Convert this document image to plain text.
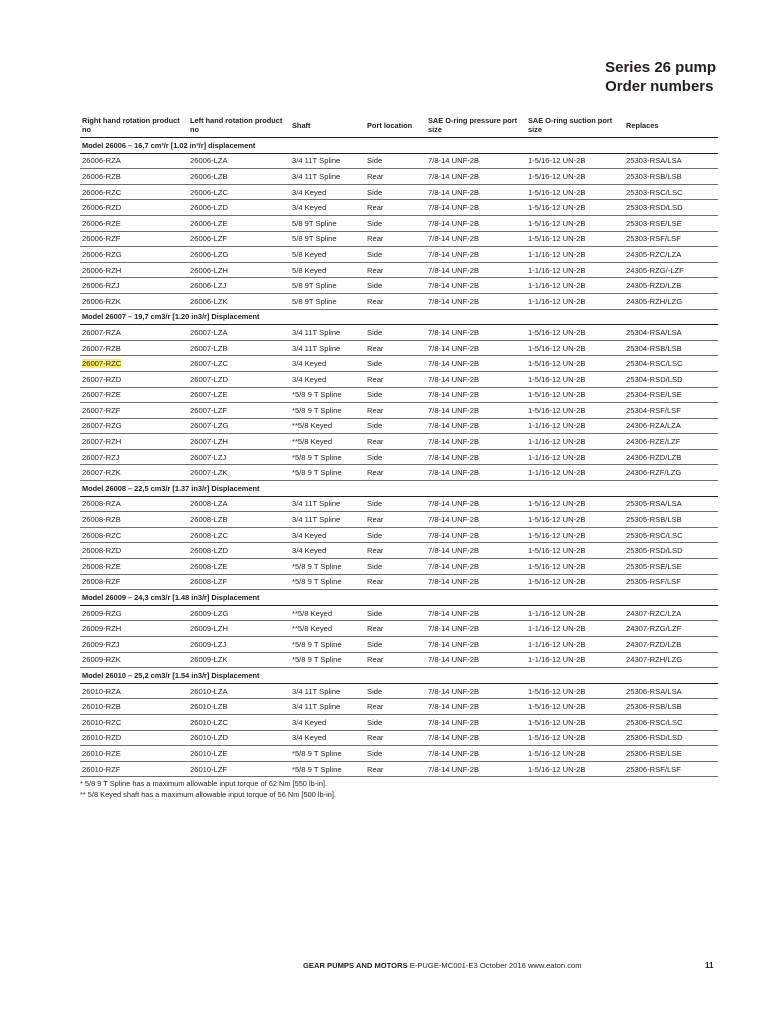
Series 26 pump
Order numbers
Right hand rotation product no	Left hand rotation product no	Shaft	Port location	SAE O-ring pressure port size	SAE O-ring suction port size	Replaces
Model 26006 – 16,7 cm³/r [1.02 in³/r] displacement						
26006-RZA	26006-LZA	3/4 11T Spline	Side	7/8-14 UNF-2B	1-5/16-12 UN-2B	25303-RSA/LSA
26006-RZB	26006-LZB	3/4 11T Spline	Rear	7/8-14 UNF-2B	1-5/16-12 UN-2B	25303-RSB/LSB
26006-RZC	26006-LZC	3/4 Keyed	Side	7/8-14 UNF-2B	1-5/16-12 UN-2B	25303-RSC/LSC
26006-RZD	26006-LZD	3/4 Keyed	Rear	7/8-14 UNF-2B	1-5/16-12 UN-2B	25303-RSD/LSD
26006-RZE	26006-LZE	5/8 9T Spline	Side	7/8-14 UNF-2B	1-5/16-12 UN-2B	25303-RSE/LSE
26006-RZF	26006-LZF	5/8 9T Spline	Rear	7/8-14 UNF-2B	1-5/16-12 UN-2B	25303-RSF/LSF
26006-RZG	26006-LZG	5/8 Keyed	Side	7/8-14 UNF-2B	1-1/16-12 UN-2B	24305-RZC/LZA
26006-RZH	26006-LZH	5/8 Keyed	Rear	7/8-14 UNF-2B	1-1/16-12 UN-2B	24305-RZG/-LZF
26006-RZJ	26006-LZJ	5/8 9T Spline	Side	7/8-14 UNF-2B	1-1/16-12 UN-2B	24305-RZD/LZB
26006-RZK	26006-LZK	5/8 9T Spline	Rear	7/8-14 UNF-2B	1-1/16-12 UN-2B	24305-RZH/LZG
Model 26007 – 19,7 cm3/r [1.20 in3/r] Displacement						
26007-RZA	26007-LZA	3/4 11T Spline	Side	7/8-14 UNF-2B	1-5/16-12 UN-2B	25304-RSA/LSA
26007-RZB	26007-LZB	3/4 11T Spline	Rear	7/8-14 UNF-2B	1-5/16-12 UN-2B	25304-RSB/LSB
26007-RZC	26007-LZC	3/4 Keyed	Side	7/8-14 UNF-2B	1-5/16-12 UN-2B	25304-RSC/LSC
26007-RZD	26007-LZD	3/4 Keyed	Rear	7/8-14 UNF-2B	1-5/16-12 UN-2B	25304-RSD/LSD
26007-RZE	26007-LZE	*5/8 9 T Spline	Side	7/8-14 UNF-2B	1-5/16-12 UN-2B	25304-RSE/LSE
26007-RZF	26007-LZF	*5/8 9 T Spline	Rear	7/8-14 UNF-2B	1-5/16-12 UN-2B	25304-RSF/LSF
26007-RZG	26007-LZG	**5/8 Keyed	Side	7/8-14 UNF-2B	1-1/16-12 UN-2B	24306-RZA/LZA
26007-RZH	26007-LZH	**5/8 Keyed	Rear	7/8-14 UNF-2B	1-1/16-12 UN-2B	24306-RZE/LZF
26007-RZJ	26007-LZJ	*5/8 9 T Spline	Side	7/8-14 UNF-2B	1-1/16-12 UN-2B	24306-RZD/LZB
26007-RZK	26007-LZK	*5/8 9 T Spline	Rear	7/8-14 UNF-2B	1-1/16-12 UN-2B	24306-RZF/LZG
Model 26008 – 22,5 cm3/r [1.37 in3/r] Displacement						
26008-RZA	26008-LZA	3/4 11T Spline	Side	7/8-14 UNF-2B	1-5/16-12 UN-2B	25305-RSA/LSA
26008-RZB	26008-LZB	3/4 11T Spline	Rear	7/8-14 UNF-2B	1-5/16-12 UN-2B	25305-RSB/LSB
26008-RZC	26008-LZC	3/4 Keyed	Side	7/8-14 UNF-2B	1-5/16-12 UN-2B	25305-RSC/LSC
26008-RZD	26008-LZD	3/4 Keyed	Rear	7/8-14 UNF-2B	1-5/16-12 UN-2B	25305-RSD/LSD
26008-RZE	26008-LZE	*5/8 9 T Spline	Side	7/8-14 UNF-2B	1-5/16-12 UN-2B	25305-RSE/LSE
26008-RZF	26008-LZF	*5/8 9 T Spline	Rear	7/8-14 UNF-2B	1-5/16-12 UN-2B	25305-RSF/LSF
Model 26009 – 24,3 cm3/r [1.48 in3/r] Displacement						
26009-RZG	26009-LZG	**5/8 Keyed	Side	7/8-14 UNF-2B	1-1/16-12 UN-2B	24307-RZC/LZA
26009-RZH	26009-LZH	**5/8 Keyed	Rear	7/8-14 UNF-2B	1-1/16-12 UN-2B	24307-RZG/LZF
26009-RZJ	26009-LZJ	*5/8 9 T Spline	Side	7/8-14 UNF-2B	1-1/16-12 UN-2B	24307-RZD/LZB
26009-RZK	26009-LZK	*5/8 9 T Spline	Rear	7/8-14 UNF-2B	1-1/16-12 UN-2B	24307-RZH/LZG
Model 26010 – 25,2 cm3/r [1.54 in3/r] Displacement						
26010-RZA	26010-LZA	3/4 11T Spline	Side	7/8-14 UNF-2B	1-5/16-12 UN-2B	25306-RSA/LSA
26010-RZB	26010-LZB	3/4 11T Spline	Rear	7/8-14 UNF-2B	1-5/16-12 UN-2B	25306-RSB/LSB
26010-RZC	26010-LZC	3/4 Keyed	Side	7/8-14 UNF-2B	1-5/16-12 UN-2B	25306-RSC/LSC
26010-RZD	26010-LZD	3/4 Keyed	Rear	7/8-14 UNF-2B	1-5/16-12 UN-2B	25306-RSD/LSD
26010-RZE	26010-LZE	*5/8 9 T Spline	Side	7/8-14 UNF-2B	1-5/16-12 UN-2B	25306-RSE/LSE
26010-RZF	26010-LZF	*5/8 9 T Spline	Rear	7/8-14 UNF-2B	1-5/16-12 UN-2B	25306-RSF/LSF
* 5/8 9 T Spline has a maximum allowable input torque of 62 Nm [550 lb-in].
** 5/8 Keyed shaft has a maximum allowable input torque of 56 Nm [500 lb-in].
GEAR PUMPS AND MOTORS E-PUGE-MC001-E3 October 2016 www.eaton.com	11
